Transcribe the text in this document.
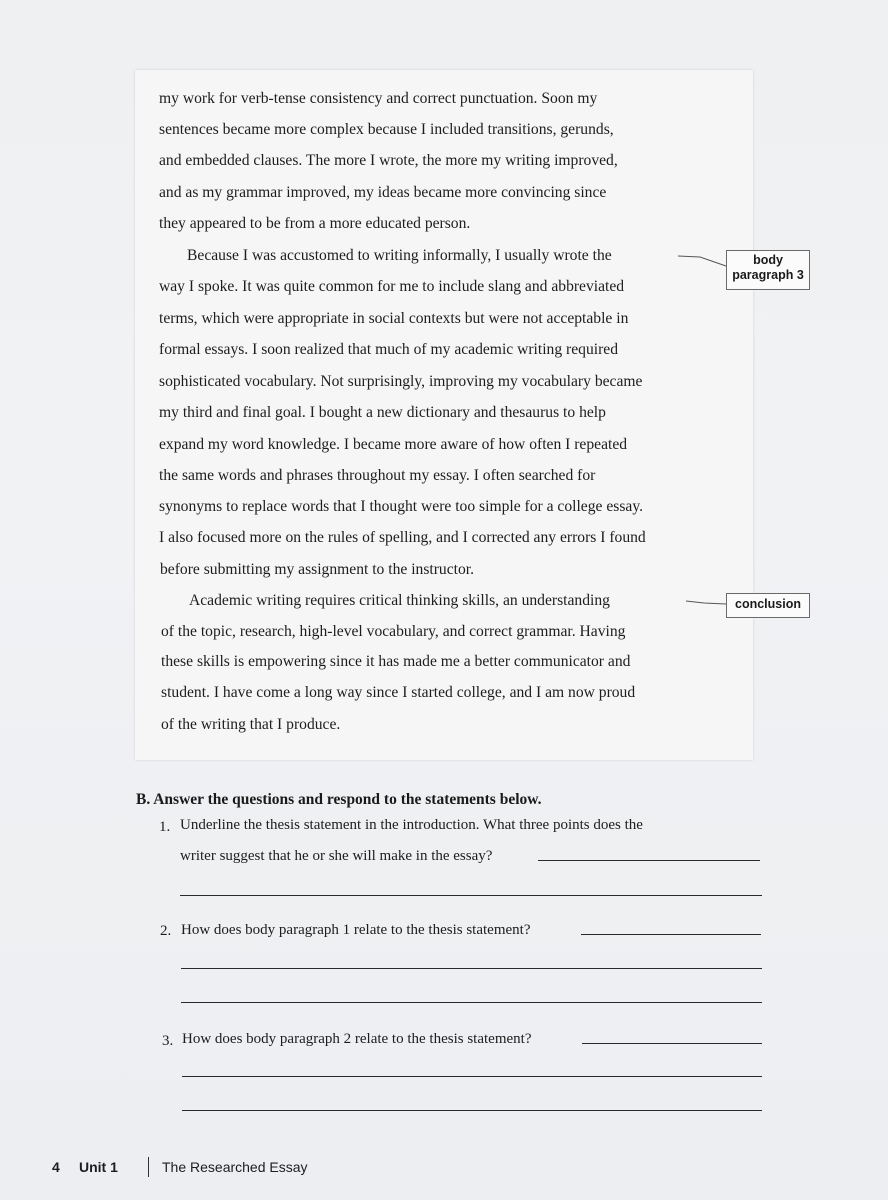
my work for verb-tense consistency and correct punctuation. Soon my
sentences became more complex because I included transitions, gerunds,
and embedded clauses. The more I wrote, the more my writing improved,
and as my grammar improved, my ideas became more convincing since
they appeared to be from a more educated person.
Because I was accustomed to writing informally, I usually wrote the
way I spoke. It was quite common for me to include slang and abbreviated
terms, which were appropriate in social contexts but were not acceptable in
formal essays. I soon realized that much of my academic writing required
sophisticated vocabulary. Not surprisingly, improving my vocabulary became
my third and final goal. I bought a new dictionary and thesaurus to help
expand my word knowledge. I became more aware of how often I repeated
the same words and phrases throughout my essay. I often searched for
synonyms to replace words that I thought were too simple for a college essay.
I also focused more on the rules of spelling, and I corrected any errors I found
before submitting my assignment to the instructor.
Academic writing requires critical thinking skills, an understanding
of the topic, research, high-level vocabulary, and correct grammar. Having
these skills is empowering since it has made me a better communicator and
student. I have come a long way since I started college, and I am now proud
of the writing that I produce.
body
paragraph 3
conclusion
B. Answer the questions and respond to the statements below.
1. Underline the thesis statement in the introduction. What three points does the
writer suggest that he or she will make in the essay?
2. How does body paragraph 1 relate to the thesis statement?
3. How does body paragraph 2 relate to the thesis statement?
4 Unit 1	The Researched Essay
